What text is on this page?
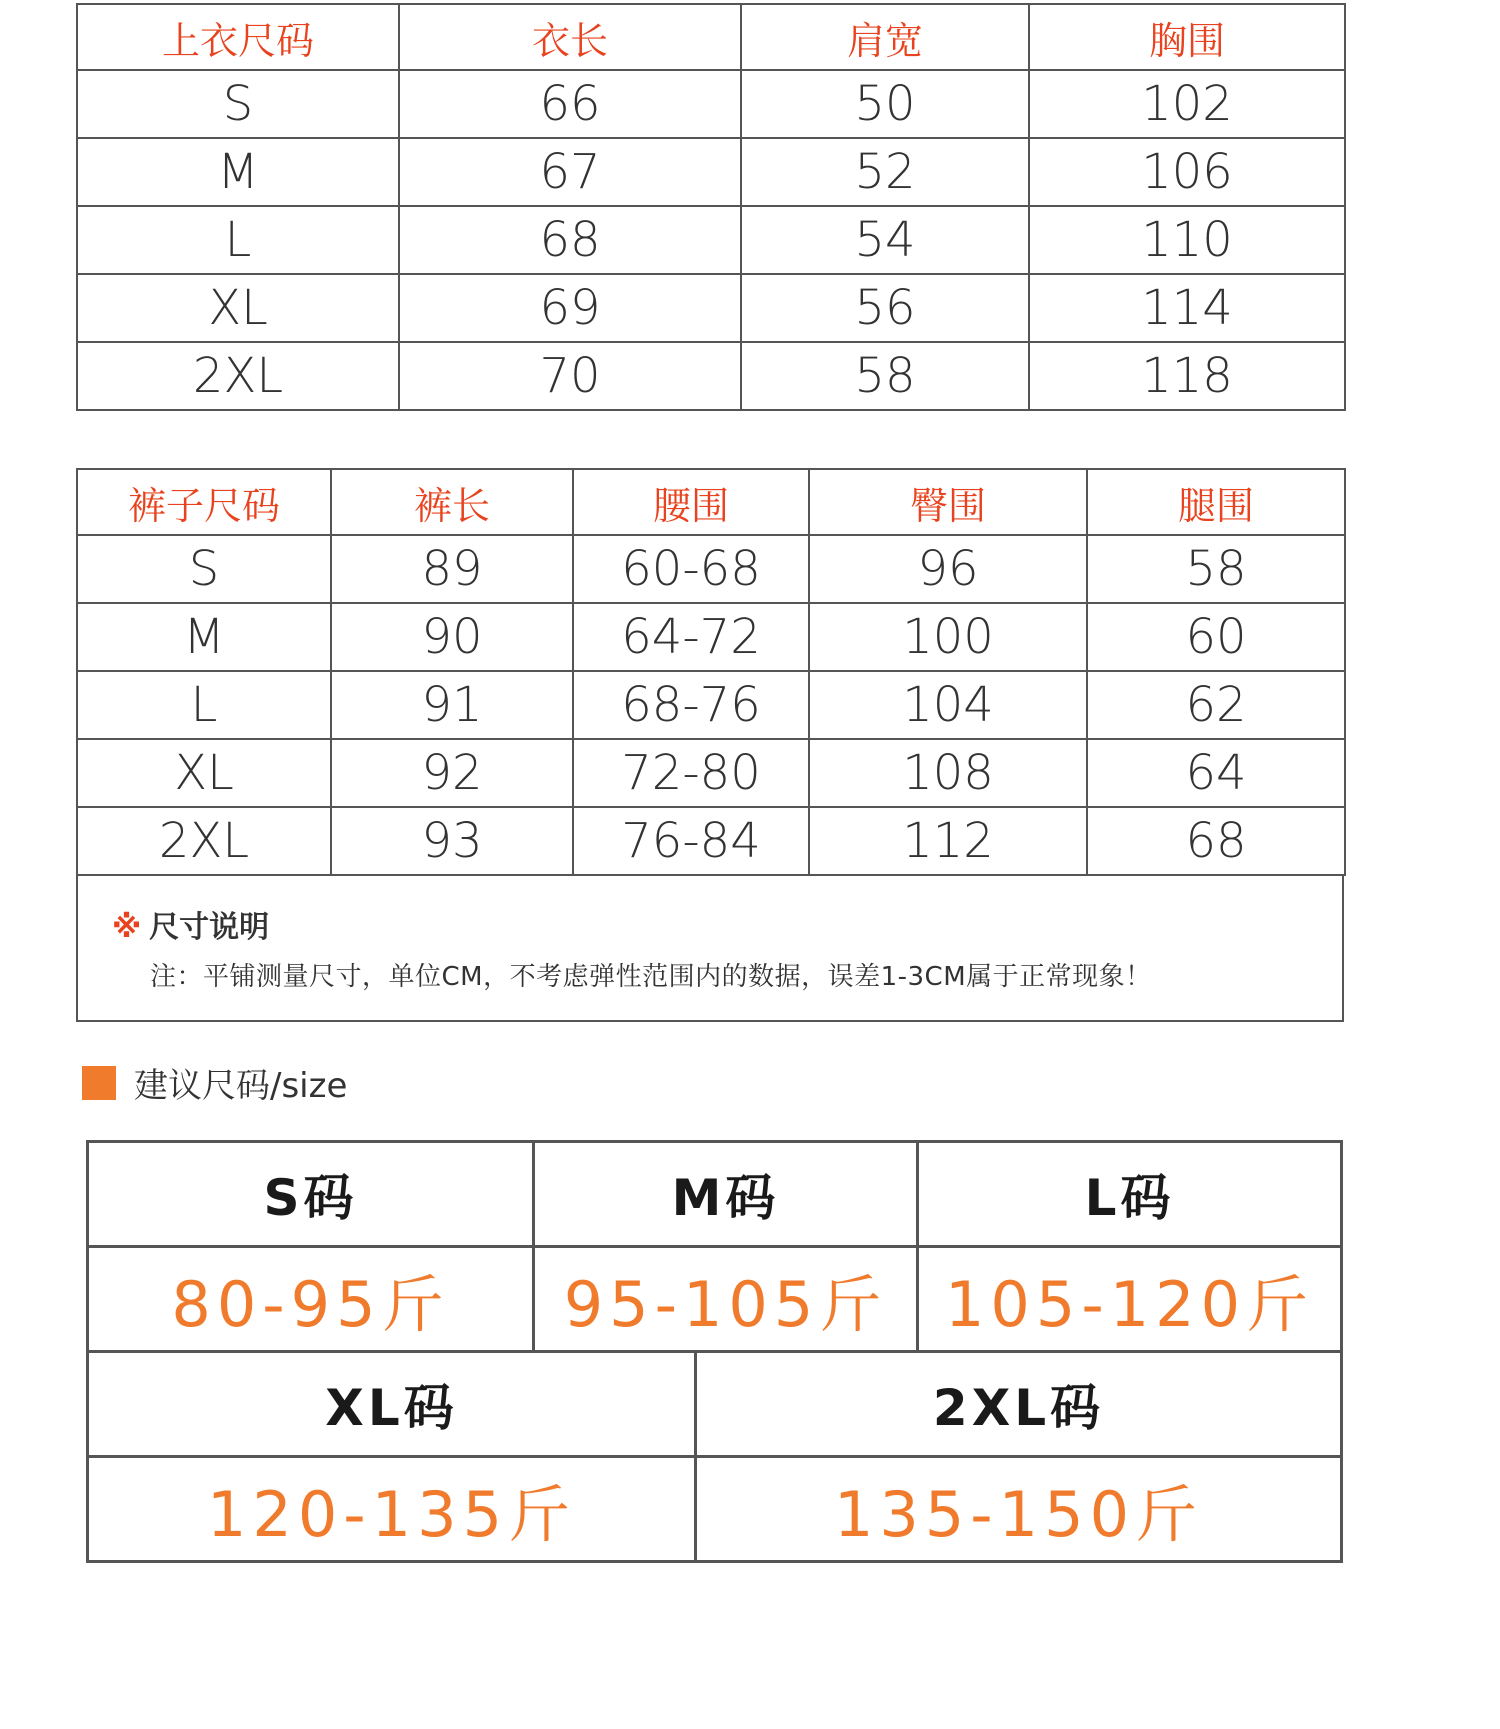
上衣尺码	衣长	肩宽	胸围
S	66	50	102
M	67	52	106
L	68	54	110
XL	69	56	114
2XL	70	58	118
裤子尺码	裤长	腰围	臀围	腿围
S	89	60-68	96	58
M	90	64-72	100	60
L	91	68-76	104	62
XL	92	72-80	108	64
2XL	93	76-84	112	68
※ 尺寸说明
注：平铺测量尺寸，单位CM，不考虑弹性范围内的数据，误差1-3CM属于正常现象！
建议尺码/size
S码	M码		L码
80-95斤	95-105斤		105-120斤
XL码		2XL码	
120-135斤		135-150斤	
